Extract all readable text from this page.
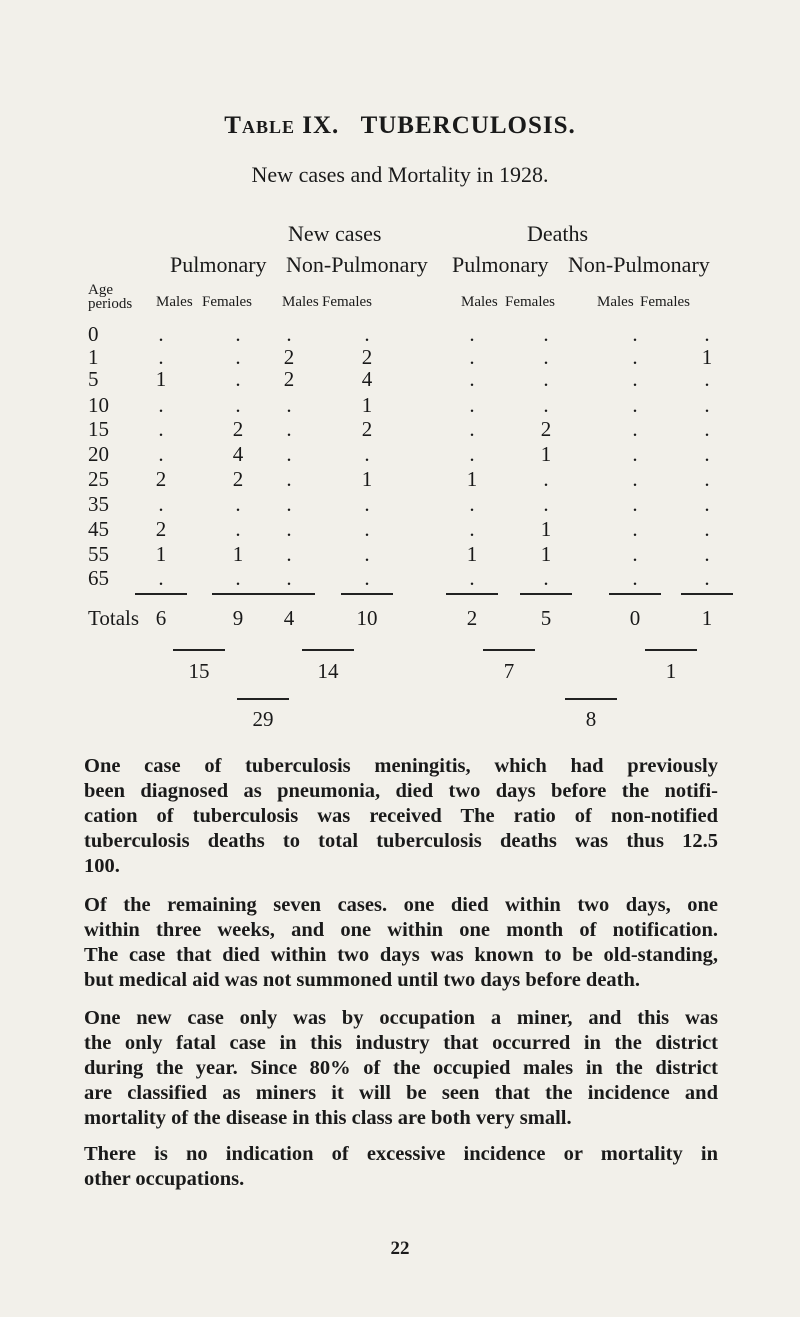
Table IX. TUBERCULOSIS.
New cases and Mortality in 1928.
New cases	Deaths
Pulmonary Non-Pulmonary Pulmonary Non-Pulmonary
Age
periods Males Females Males Females	Males Females	Males Females
0	.	.	.	.	.	.	.	.
1	.	.	2	2	.	.	.	1
5	1	.	2	4	.	.	.	.
10	.	.	.	1	.	.	.	.
15	.	2	.	2	.	2	.	.
20	.	4	.	.	.	1	.	.
25	2	2	.	1	1	.	.	.
35	.	.	.	.	.	.	.	.
45	2	.	.	.	.	1	.	.
55	1	1	.	.	1	1	.	.
65	.	.	.	.	.	.	.	.
Totals 6	9	4	10	2	5	0	1
15	14	7	1
29	8
One case of tuberculosis meningitis, which had previously
been diagnosed as pneumonia, died two days before the notifi-
cation of tuberculosis was received The ratio of non-notified
tuberculosis deaths to total tuberculosis deaths was thus 12.5
100.
Of the remaining seven cases. one died within two days, one
within three weeks, and one within one month of notification.
The case that died within two days was known to be old-standing,
but medical aid was not summoned until two days before death.
One new case only was by occupation a miner, and this was
the only fatal case in this industry that occurred in the district
during the year. Since 80% of the occupied males in the district
are classified as miners it will be seen that the incidence and
mortality of the disease in this class are both very small.
There is no indication of excessive incidence or mortality in
other occupations.
22
